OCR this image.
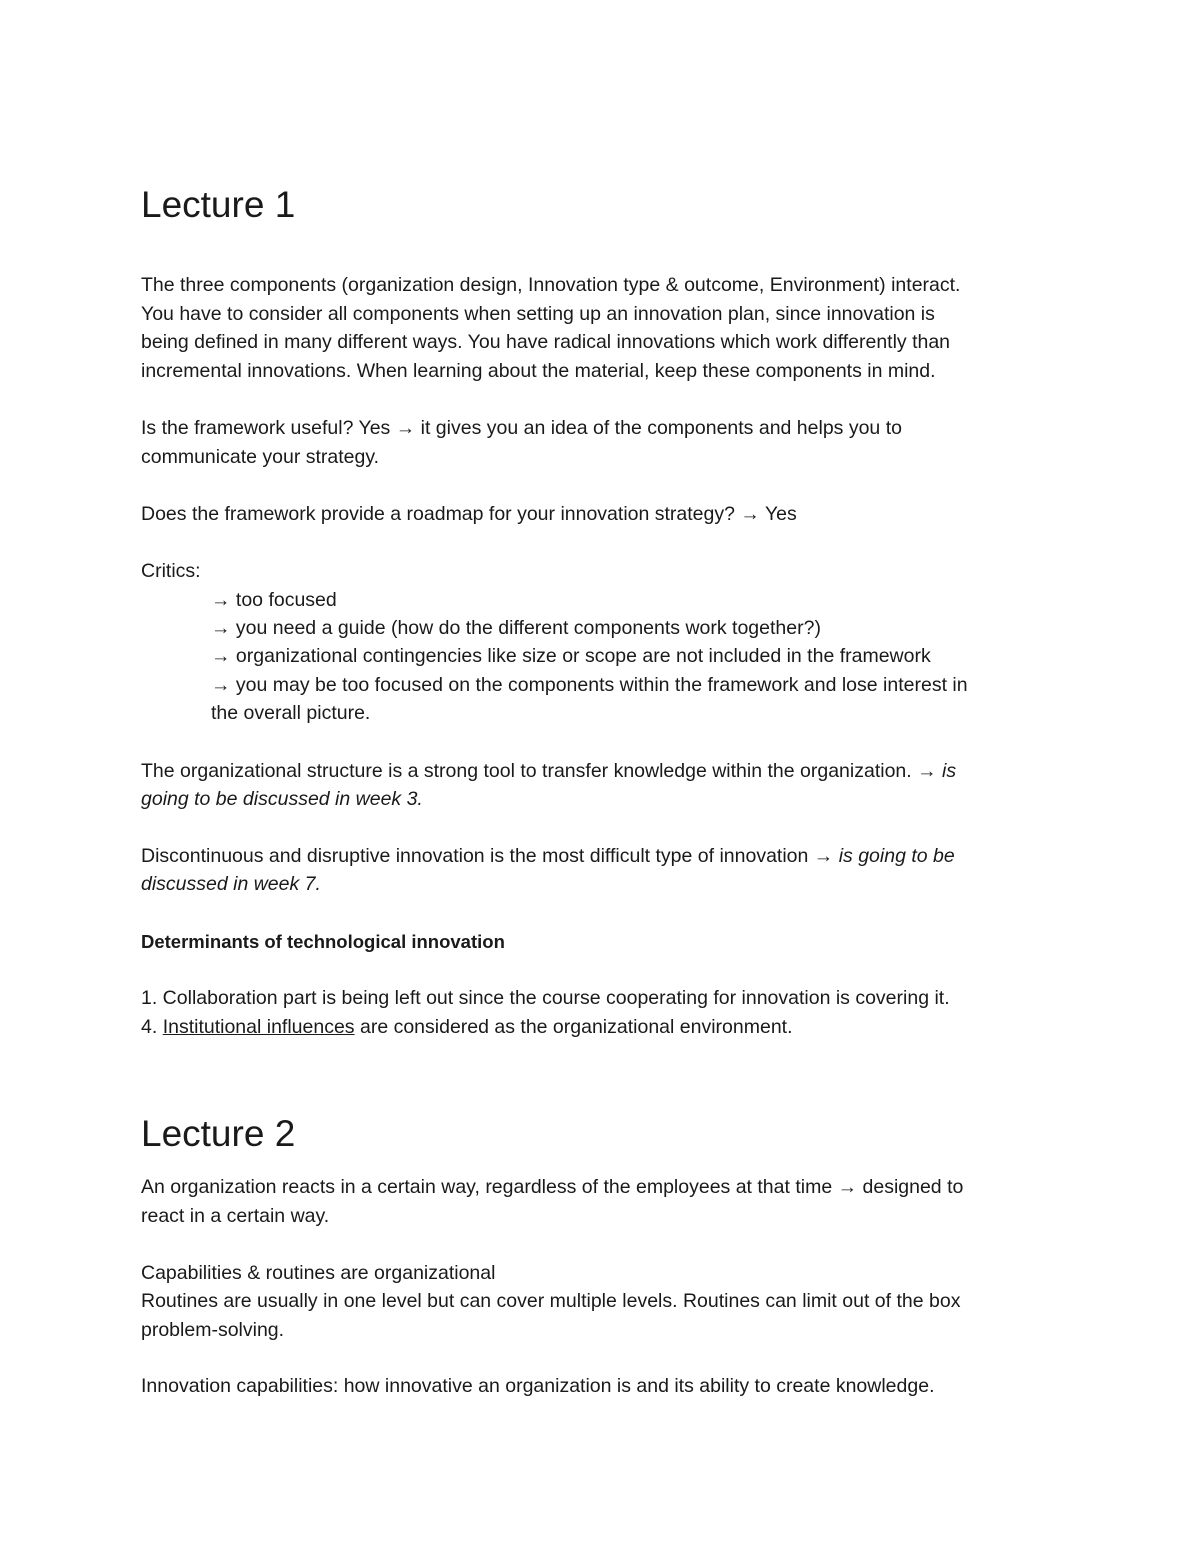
Lecture 1

The three components (organization design, Innovation type & outcome, Environment) interact.

You have to consider all components when setting up an innovation plan, since innovation is

being defined in many different ways. You have radical innovations which work differently than

incremental innovations. When learning about the material, keep these components in mind.

Is the framework useful? Yes → it gives you an idea of the components and helps you to

communicate your strategy.

Does the framework provide a roadmap for your innovation strategy? → Yes

Critics:

→ too focused

→ you need a guide (how do the different components work together?)

→ organizational contingencies like size or scope are not included in the framework

→ you may be too focused on the components within the framework and lose interest in

the overall picture.

The organizational structure is a strong tool to transfer knowledge within the organization. → is

going to be discussed in week 3.

Discontinuous and disruptive innovation is the most difficult type of innovation → is going to be

discussed in week 7.

Determinants of technological innovation

1. Collaboration part is being left out since the course cooperating for innovation is covering it.

4. Institutional influences are considered as the organizational environment.

Lecture 2

An organization reacts in a certain way, regardless of the employees at that time → designed to

react in a certain way.

Capabilities & routines are organizational

Routines are usually in one level but can cover multiple levels. Routines can limit out of the box

problem-solving.

Innovation capabilities: how innovative an organization is and its ability to create knowledge.
